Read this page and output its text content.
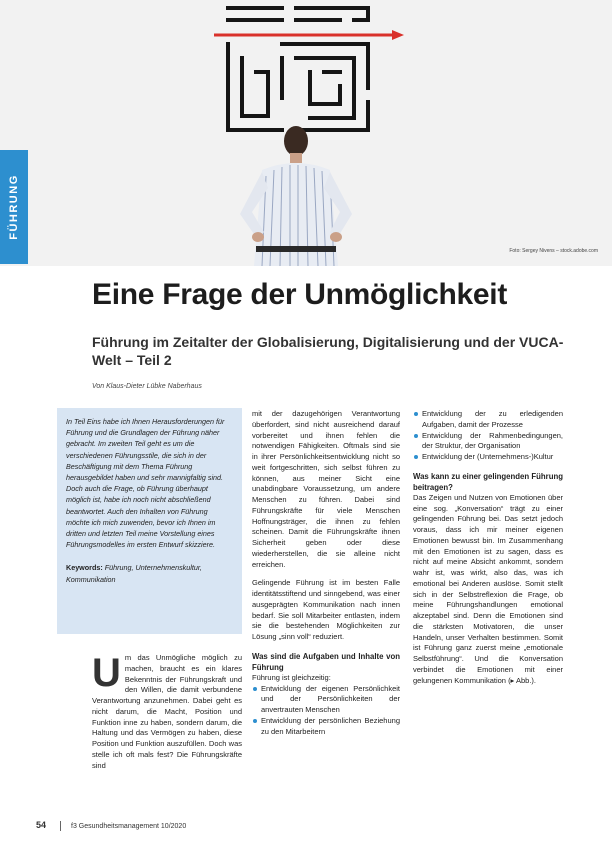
Foto: Sergey Nivens – stock.adobe.com
FÜHRUNG
Eine Frage der Unmöglichkeit

Führung im Zeitalter der Globalisierung, Digitalisierung und der VUCA-Welt – Teil 2

Von Klaus-Dieter Lübke Naberhaus

In Teil Eins habe ich Ihnen Herausforderungen für Führung und die Grundlagen der Führung näher gebracht. Im zweiten Teil geht es um die verschiedenen Führungsstile, die sich in der Beschäftigung mit dem Thema Führung herausgebildet haben und sehr mannigfaltig sind. Doch auch die Frage, ob Führung überhaupt möglich ist, habe ich noch nicht abschließend beantwortet. Auch den Inhalten von Führung möchte ich mich zuwenden, bevor ich Ihnen im dritten und letzten Teil meine Vorstellung eines Führungsmodelles im ersten Entwurf skizziere.

Keywords: Führung, Unternehmenskultur, Kommunikation

Um das Unmögliche möglich zu machen, braucht es ein klares Bekenntnis der Führungskraft und den Willen, die damit verbundene Verantwortung anzunehmen. Dabei geht es nicht darum, die Macht, Position und Funktion inne zu haben, sondern darum, die Haltung und das Vermögen zu haben, diese Position und Funktion auszufüllen. Doch was stelle ich oft mals fest? Die Führungskräfte sind

mit der dazugehörigen Verantwortung überfordert, sind nicht ausreichend darauf vorbereitet und ihnen fehlen die notwendigen Fähigkeiten. Oftmals sind sie in ihrer Persönlichkeitsentwicklung nicht so weit fortgeschritten, sich selbst führen zu können, aus meiner Sicht eine unabdingbare Voraussetzung, um andere Menschen zu führen. Dabei sind Führungskräfte für viele Menschen Hoffnungsträger, die ihnen zu fehlen scheinen. Damit die Führungskräfte ihnen Sicherheit geben oder diese wiederherstellen, die sie alleine nicht erreichen.

Gelingende Führung ist im besten Falle identitätsstiftend und sinngebend, was einer ausgeprägten Kommunikation nach innen bedarf. Sie soll Mitarbeiter entlasten, indem sie die bestehenden Möglichkeiten zur Lösung „sinn voll“ reduziert.

Was sind die Aufgaben und Inhalte von Führung

Führung ist gleichzeitig:

Entwicklung der eigenen Persönlichkeit und der Persönlichkeiten der anvertrauten Menschen
Entwicklung der persönlichen Beziehung zu den Mitarbeitern
Entwicklung der zu erledigenden Aufgaben, damit der Prozesse
Entwicklung der Rahmenbedingungen, der Struktur, der Organisation
Entwicklung der (Unternehmens-)Kultur
Was kann zu einer gelingenden Führung beitragen?

Das Zeigen und Nutzen von Emotionen über eine sog. „Konversation“ trägt zu einer gelingenden Führung bei. Das setzt jedoch voraus, dass ich mir meiner eigenen Emotionen bewusst bin. Im Zusammenhang mit den Emotionen ist zu sagen, dass es nicht auf meine Absicht ankommt, sondern wahr ist, was wirkt, also das, was ich emotional bei Anderen auslöse. Somit stellt sich in der Selbstreflexion die Frage, ob meine Führungshandlungen emotional akzeptabel sind. Denn die Emotionen sind die stärksten Motivatoren, die unser Handeln, unser Verhalten bestimmen. Somit ist Führung ganz zuerst meine „emotionale Selbstführung“. Und die Konversation verbindet die Emotionen mit einer gelungenen Kommunikation (▸ Abb.).

54	f3 Gesundheitsmanagement 10/2020
